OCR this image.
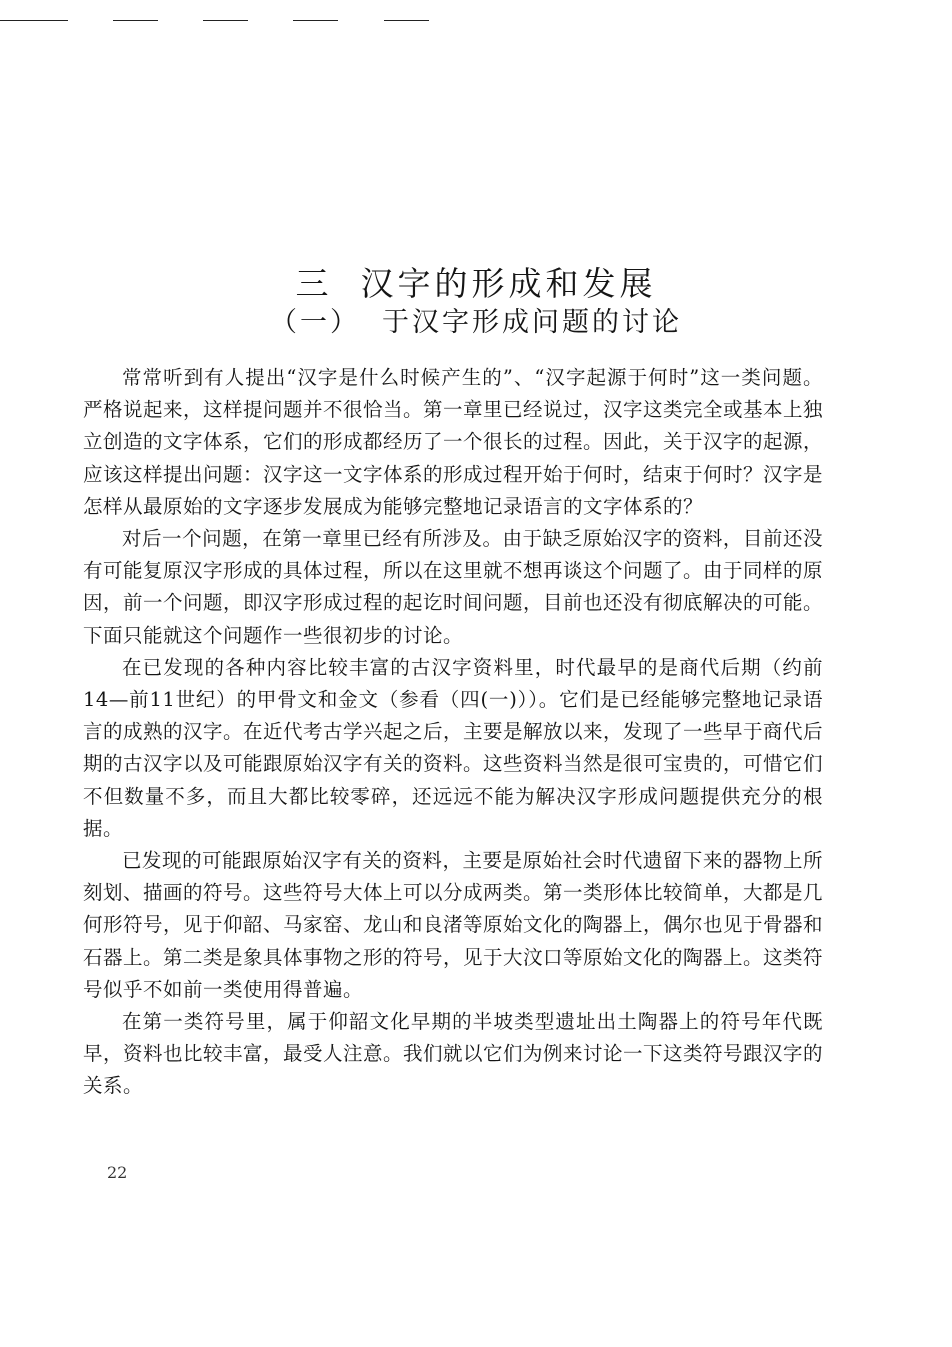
三 汉字的形成和发展
（一） 于汉字形成问题的讨论

常常听到有人提出“汉字是什么时候产生的”、“汉字起源于何时”这一类问题。严格说起来，这样提问题并不很恰当。第一章里已经说过，汉字这类完全或基本上独立创造的文字体系，它们的形成都经历了一个很长的过程。因此，关于汉字的起源，应该这样提出问题：汉字这一文字体系的形成过程开始于何时，结束于何时？汉字是怎样从最原始的文字逐步发展成为能够完整地记录语言的文字体系的？

对后一个问题，在第一章里已经有所涉及。由于缺乏原始汉字的资料，目前还没有可能复原汉字形成的具体过程，所以在这里就不想再谈这个问题了。由于同样的原因，前一个问题，即汉字形成过程的起讫时间问题，目前也还没有彻底解决的可能。下面只能就这个问题作一些很初步的讨论。

在已发现的各种内容比较丰富的古汉字资料里，时代最早的是商代后期（约前14—前11世纪）的甲骨文和金文（参看（四(一)））。它们是已经能够完整地记录语言的成熟的汉字。在近代考古学兴起之后，主要是解放以来，发现了一些早于商代后期的古汉字以及可能跟原始汉字有关的资料。这些资料当然是很可宝贵的，可惜它们不但数量不多，而且大都比较零碎，还远远不能为解决汉字形成问题提供充分的根据。

已发现的可能跟原始汉字有关的资料，主要是原始社会时代遗留下来的器物上所刻划、描画的符号。这些符号大体上可以分成两类。第一类形体比较简单，大都是几何形符号，见于仰韶、马家窑、龙山和良渚等原始文化的陶器上，偶尔也见于骨器和石器上。第二类是象具体事物之形的符号，见于大汶口等原始文化的陶器上。这类符号似乎不如前一类使用得普遍。

在第一类符号里，属于仰韶文化早期的半坡类型遗址出土陶器上的符号年代既早，资料也比较丰富，最受人注意。我们就以它们为例来讨论一下这类符号跟汉字的关系。

22
